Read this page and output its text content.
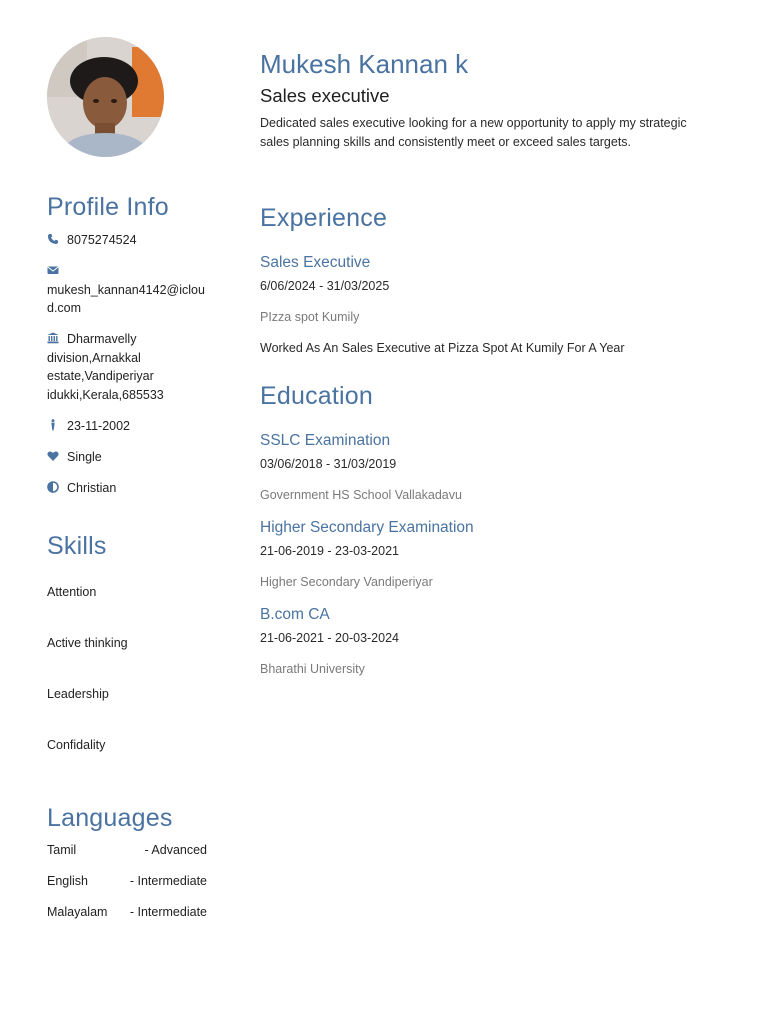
Profile Info
8075274524

mukesh_kannan4142@icloud.com
Dharmavelly division,Arnakkal estate,Vandiperiyar idukki,Kerala,685533
23-11-2002
Single
Christian
Skills
Attention
Active thinking
Leadership
Confidality
Languages
Tamil	- Advanced
English	- Intermediate
Malayalam - Intermediate
Mukesh Kannan k
Sales executive
Dedicated sales executive looking for a new opportunity to apply my strategic sales planning skills and consistently meet or exceed sales targets.
Experience
Sales Executive
6/06/2024 - 31/03/2025
PIzza spot Kumily
Worked As An Sales Executive at Pizza Spot At Kumily For A Year
Education
SSLC Examination
03/06/2018 - 31/03/2019
Government HS School Vallakadavu
Higher Secondary Examination
21-06-2019 - 23-03-2021
Higher Secondary Vandiperiyar
B.com CA
21-06-2021 - 20-03-2024
Bharathi University
